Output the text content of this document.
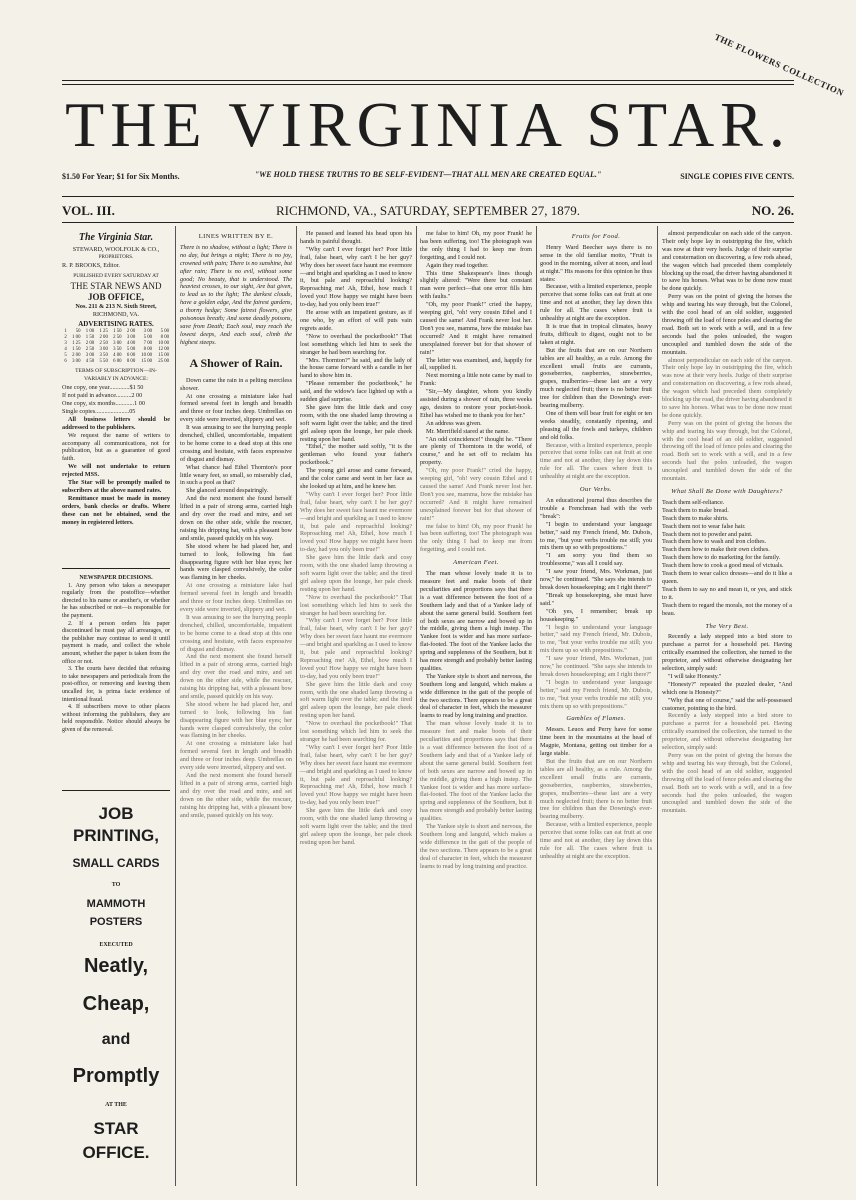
THE FLOWERS COLLECTION
THE VIRGINIA STAR.
$1.50 For Year; $1 for Six Months.	"WE HOLD THESE TRUTHS TO BE SELF-EVIDENT—THAT ALL MEN ARE CREATED EQUAL."	SINGLE COPIES FIVE CENTS.
VOL. III.	RICHMOND, VA., SATURDAY, SEPTEMBER 27, 1879.	NO. 26.
The Virginia Star.
STEWARD, WOOLFOLK & CO.,
PROPRIETORS.
R. P. BROOKS, Editor.
PUBLISHED EVERY SATURDAY AT
THE STAR NEWS AND
JOB OFFICE,
Nos. 211 & 213 N. Sixth Street,
RICHMOND, VA.
ADVERTISING RATES.
1	50	1 00	1 25	1 50	2 00	3 00	5 00
2	1 00	1 50	2 00	2 50	3 00	5 00	8 00
3	1 25	2 00	2 50	3 00	4 00	7 00	10 00
4	1 50	2 50	3 00	3 50	5 00	8 00	12 00
5	2 00	3 00	3 50	4 00	6 00	10 00	15 00
6	3 00	4 50	5 50	6 00	8 00	15 00	25 00
TERMS OF SUBSCRIPTION—IN-VARIABLY IN ADVANCE:
One copy, one year.............$1 50
If not paid in advance..........2 00
One copy, six months............1 00
Single copies......................05

All business letters should be addressed to the publishers.

We request the name of writers to accompany all communications, not for publication, but as a guarantee of good faith.

We will not undertake to return rejected MSS.

The Star will be promptly mailed to subscribers at the above named rates.

Remittance must be made in money orders, bank checks or drafts. Where these can not be obtained, send the money in registered letters.

NEWSPAPER DECISIONS.

1. Any person who takes a newspaper regularly from the postoffice—whether directed to his name or another's, or whether he has subscribed or not—is responsible for the payment.

2. If a person orders his paper discontinued he must pay all arrearages, or the publisher may continue to send it until payment is made, and collect the whole amount, whether the paper is taken from the office or not.

3. The courts have decided that refusing to take newspapers and periodicals from the post-office, or removing and leaving them uncalled for, is prima facie evidence of intentional fraud.

4. If subscribers move to other places without informing the publishers, they are held responsible. Notice should always be given of the removal.

JOB
PRINTING,
SMALL CARDS
TO
MAMMOTH POSTERS
EXECUTED
Neatly,
Cheap,
and
Promptly
AT THE
STAR OFFICE.
LINES WRITTEN BY E.
There is no shadow, without a light; There is no day, but brings a night; There is no joy, crowned with pain; There is no sunshine, but after rain; There is no evil, without some good; No beauty, that is understood. The heaviest crosses, to our sight, Are but given, to lead us to the light; The darkest clouds, have a golden edge, And the fairest gardens, a thorny hedge; Some fairest flowers, give poisonous breath; And some deadly poisons, save from Death; Each soul, may reach the lowest deeps, And each soul, climb the highest steeps.
A Shower of Rain.

Down came the rain in a pelting merciless shower.

At one crossing a miniature lake had formed several feet in length and breadth and three or four inches deep. Umbrellas on every side were inverted, slippery and wet.

It was amusing to see the hurrying people drenched, chilled, uncomfortable, impatient to be home come to a dead stop at this one crossing and hesitate, with faces expressive of disgust and dismay.

What chance had Ethel Thornton's poor little weary feet, so small, so miserably clad, in such a pool as that?

She glanced around despairingly.

And the next moment she found herself lifted in a pair of strong arms, carried high and dry over the road and mire, and set down on the other side, while the rescuer, raising his dripping hat, with a pleasant bow and smile, passed quickly on his way.

She stood where he had placed her, and turned to look, following his fast disappearing figure with her blue eyes; her hands were clasped convulsively, the color was flaming in her cheeks.

At one crossing a miniature lake had formed several feet in length and breadth and three or four inches deep. Umbrellas on every side were inverted, slippery and wet.

It was amusing to see the hurrying people drenched, chilled, uncomfortable, impatient to be home come to a dead stop at this one crossing and hesitate, with faces expressive of disgust and dismay.

And the next moment she found herself lifted in a pair of strong arms, carried high and dry over the road and mire, and set down on the other side, while the rescuer, raising his dripping hat, with a pleasant bow and smile, passed quickly on his way.

She stood where he had placed her, and turned to look, following his fast disappearing figure with her blue eyes; her hands were clasped convulsively, the color was flaming in her cheeks.

At one crossing a miniature lake had formed several feet in length and breadth and three or four inches deep. Umbrellas on every side were inverted, slippery and wet.

And the next moment she found herself lifted in a pair of strong arms, carried high and dry over the road and mire, and set down on the other side, while the rescuer, raising his dripping hat, with a pleasant bow and smile, passed quickly on his way.

He paused and leaned his head upon his hands in painful thought.

"Why can't I ever forget her? Poor little frail, false heart, why can't I be her guy? Why does her sweet face haunt me evermore—and bright and sparkling as I used to know it, but pale and reproachful looking? Reproaching me! Ah, Ethel, how much I loved you! How happy we might have been to-day, had you only been true!"

He arose with an impatient gesture, as if one who, by an effort of will puts vain regrets aside.

"Now to overhaul the pocketbook!" That lost something which led him to seek the stranger he had been searching for.

"Mrs. Thornton?" he said, and the lady of the house came forward with a candle in her hand to show him in.

"Please remember the pocketbook," he said, and the widow's face lighted up with a sudden glad surprise.

She gave him the little dark and cosy room, with the one shaded lamp throwing a soft warm light over the table; and the tired girl asleep upon the lounge, her pale cheek resting upon her hand.

"Ethel," the mother said softly, "it is the gentleman who found your father's pocketbook."

The young girl arose and came forward, and the color came and went in her face as she looked up at him, and he knew her.

"Why can't I ever forget her? Poor little frail, false heart, why can't I be her guy? Why does her sweet face haunt me evermore—and bright and sparkling as I used to know it, but pale and reproachful looking? Reproaching me! Ah, Ethel, how much I loved you! How happy we might have been to-day, had you only been true!"

She gave him the little dark and cosy room, with the one shaded lamp throwing a soft warm light over the table; and the tired girl asleep upon the lounge, her pale cheek resting upon her hand.

"Now to overhaul the pocketbook!" That lost something which led him to seek the stranger he had been searching for.

"Why can't I ever forget her? Poor little frail, false heart, why can't I be her guy? Why does her sweet face haunt me evermore—and bright and sparkling as I used to know it, but pale and reproachful looking? Reproaching me! Ah, Ethel, how much I loved you! How happy we might have been to-day, had you only been true!"

She gave him the little dark and cosy room, with the one shaded lamp throwing a soft warm light over the table; and the tired girl asleep upon the lounge, her pale cheek resting upon her hand.

"Now to overhaul the pocketbook!" That lost something which led him to seek the stranger he had been searching for.

"Why can't I ever forget her? Poor little frail, false heart, why can't I be her guy? Why does her sweet face haunt me evermore—and bright and sparkling as I used to know it, but pale and reproachful looking? Reproaching me! Ah, Ethel, how much I loved you! How happy we might have been to-day, had you only been true!"

She gave him the little dark and cosy room, with the one shaded lamp throwing a soft warm light over the table; and the tired girl asleep upon the lounge, her pale cheek resting upon her hand.

me false to him! Oh, my poor Frank! he has been suffering, too! The photograph was the only thing I had to keep me from forgetting, and I could not.

Again they read together.

This time Shakespeare's lines though slightly altered: "Were there but constant man were perfect—that one error fills him with faults."

"Oh, my poor Frank!" cried the happy, weeping girl, "oh! very cousin Ethel and I caused the same! And Frank never lost her. Don't you see, mamma, how the mistake has occurred? And it might have remained unexplained forever but for that shower of rain!"

The letter was examined, and, happily for all, supplied it.

Next morning a little note came by mail to Frank:

"Sir,—My daughter, whom you kindly assisted during a shower of rain, three weeks ago, desires to restore your pocket-book. Ethel has wished me to thank you for her."

An address was given.

Mr. Merrifield stared at the name.

"An odd coincidence!" thought he. "There are plenty of Thorntons in the world, of course," and he set off to reclaim his property.

"Oh, my poor Frank!" cried the happy, weeping girl, "oh! very cousin Ethel and I caused the same! And Frank never lost her. Don't you see, mamma, how the mistake has occurred? And it might have remained unexplained forever but for that shower of rain!"

me false to him! Oh, my poor Frank! he has been suffering, too! The photograph was the only thing I had to keep me from forgetting, and I could not.

American Feet.

The man whose lovely trade it is to measure feet and make boots of their peculiarities and proportions says that there is a vast difference between the foot of a Southern lady and that of a Yankee lady of about the same general build. Southern feet of both sexes are narrow and bowed up in the middle, giving them a high instep. The Yankee foot is wider and has more surface-flat-footed. The foot of the Yankee lacks the spring and suppleness of the Southern, but it has more strength and probably better lasting qualities.

The Yankee style is short and nervous, the Southern long and languid, which makes a wide difference in the gait of the people of the two sections. There appears to be a great deal of character in feet, which the measurer learns to read by long training and practice.

The man whose lovely trade it is to measure feet and make boots of their peculiarities and proportions says that there is a vast difference between the foot of a Southern lady and that of a Yankee lady of about the same general build. Southern feet of both sexes are narrow and bowed up in the middle, giving them a high instep. The Yankee foot is wider and has more surface-flat-footed. The foot of the Yankee lacks the spring and suppleness of the Southern, but it has more strength and probably better lasting qualities.

The Yankee style is short and nervous, the Southern long and languid, which makes a wide difference in the gait of the people of the two sections. There appears to be a great deal of character in feet, which the measurer learns to read by long training and practice.

Fruits for Food.

Henry Ward Beecher says there is no sense in the old familiar motto, "Fruit is good in the morning, silver at noon, and lead at night." His reasons for this opinion he thus states:

Because, with a limited experience, people perceive that some folks can eat fruit at one time and not at another, they lay down this rule for all. The cases where fruit is unhealthy at night are the exception.

It is true that in tropical climates, heavy fruits, difficult to digest, ought not to be taken at night.

But the fruits that are on our Northern tables are all healthy, as a rule. Among the excellent small fruits are currants, gooseberries, raspberries, strawberries, grapes, mulberries—these last are a very much neglected fruit; there is no better fruit tree for children than the Downing's ever-bearing mulberry.

One of them will bear fruit for eight or ten weeks steadily, constantly ripening, and pleasing all the fowls and turkeys, children and old folks.

Because, with a limited experience, people perceive that some folks can eat fruit at one time and not at another, they lay down this rule for all. The cases where fruit is unhealthy at night are the exception.

Our Verbs.

An educational journal thus describes the trouble a Frenchman had with the verb "break":

"I begin to understand your language better," said my French friend, Mr. Dubois, to me, "but your verbs trouble me still; you mix them up so with prepositions."

"I am sorry you find them so troublesome," was all I could say.

"I saw your friend, Mrs. Workman, just now," he continued. "She says she intends to break down housekeeping; am I right there?"

"Break up housekeeping, she must have said."

"Oh yes, I remember; break up housekeeping."

"I begin to understand your language better," said my French friend, Mr. Dubois, to me, "but your verbs trouble me still; you mix them up so with prepositions."

"I saw your friend, Mrs. Workman, just now," he continued. "She says she intends to break down housekeeping; am I right there?"

"I begin to understand your language better," said my French friend, Mr. Dubois, to me, "but your verbs trouble me still; you mix them up so with prepositions."

Gambles of Flames.

Messrs. Leuox and Perry have for some time been in the mountains at the head of Magpie, Montana, getting out timber for a large stable.

But the fruits that are on our Northern tables are all healthy, as a rule. Among the excellent small fruits are currants, gooseberries, raspberries, strawberries, grapes, mulberries—these last are a very much neglected fruit; there is no better fruit tree for children than the Downing's ever-bearing mulberry.

Because, with a limited experience, people perceive that some folks can eat fruit at one time and not at another, they lay down this rule for all. The cases where fruit is unhealthy at night are the exception.

almost perpendicular on each side of the canyon. Their only hope lay in outstripping the fire, which was now at their very heels. Judge of their surprise and consternation on discovering, a few rods ahead, the wagon which had preceded them completely blocking up the road, the driver having abandoned it to save his horses. What was to be done now must be done quickly.

Perry was on the point of giving the horses the whip and tearing his way through, but the Colonel, with the cool head of an old soldier, suggested throwing off the load of fence poles and clearing the road. Both set to work with a will, and in a few seconds had the poles unloaded, the wagon uncoupled and tumbled down the side of the mountain.

almost perpendicular on each side of the canyon. Their only hope lay in outstripping the fire, which was now at their very heels. Judge of their surprise and consternation on discovering, a few rods ahead, the wagon which had preceded them completely blocking up the road, the driver having abandoned it to save his horses. What was to be done now must be done quickly.

Perry was on the point of giving the horses the whip and tearing his way through, but the Colonel, with the cool head of an old soldier, suggested throwing off the load of fence poles and clearing the road. Both set to work with a will, and in a few seconds had the poles unloaded, the wagon uncoupled and tumbled down the side of the mountain.

What Shall Be Done with Daughters?
Teach them self-reliance.
Teach them to make bread.
Teach them to make shirts.
Teach them not to wear false hair.
Teach them not to powder and paint.
Teach them how to wash and iron clothes.
Teach them how to make their own clothes.
Teach them how to do marketing for the family.
Teach them how to cook a good meal of victuals.
Teach them to wear calico dresses—and do it like a queen.
Teach them to say no and mean it, or yes, and stick to it.
Teach them to regard the morals, not the money of a beau.
The Very Best.

Recently a lady stepped into a bird store to purchase a parrot for a household pet. Having critically examined the collection, she turned to the proprietor, and without otherwise designating her selection, simply said:

"I will take Honesty."

"Honesty?" repeated the puzzled dealer, "And which one is Honesty?"

"Why that one of course," said the self-possessed customer, pointing to the bird.

Recently a lady stepped into a bird store to purchase a parrot for a household pet. Having critically examined the collection, she turned to the proprietor, and without otherwise designating her selection, simply said:

Perry was on the point of giving the horses the whip and tearing his way through, but the Colonel, with the cool head of an old soldier, suggested throwing off the load of fence poles and clearing the road. Both set to work with a will, and in a few seconds had the poles unloaded, the wagon uncoupled and tumbled down the side of the mountain.
